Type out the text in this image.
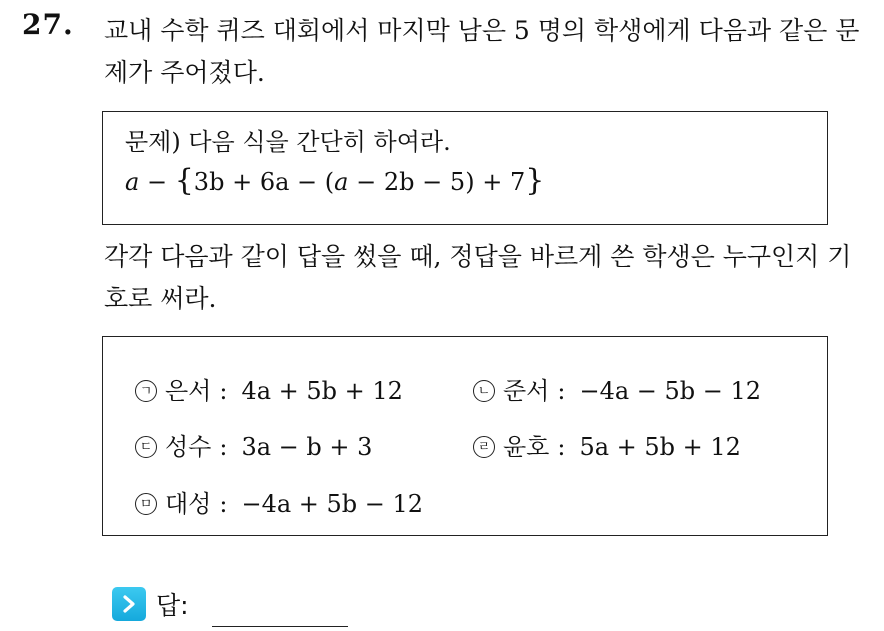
27. 교내 수학 퀴즈 대회에서 마지막 남은 5 명의 학생에게 다음과 같은 문제가 주어졌다.
문제) 다음 식을 간단히 하여라.
a − {3b + 6a − (a − 2b − 5) + 7}
각각 다음과 같이 답을 썼을 때, 정답을 바르게 쓴 학생은 누구인지 기호로 써라.
ㄱ 은서 : 4a + 5b + 12	ㄴ 준서 : −4a − 5b − 12
ㄷ 성수 : 3a − b + 3	ㄹ 윤호 : 5a + 5b + 12
ㅁ 대성 : −4a + 5b − 12
답:
